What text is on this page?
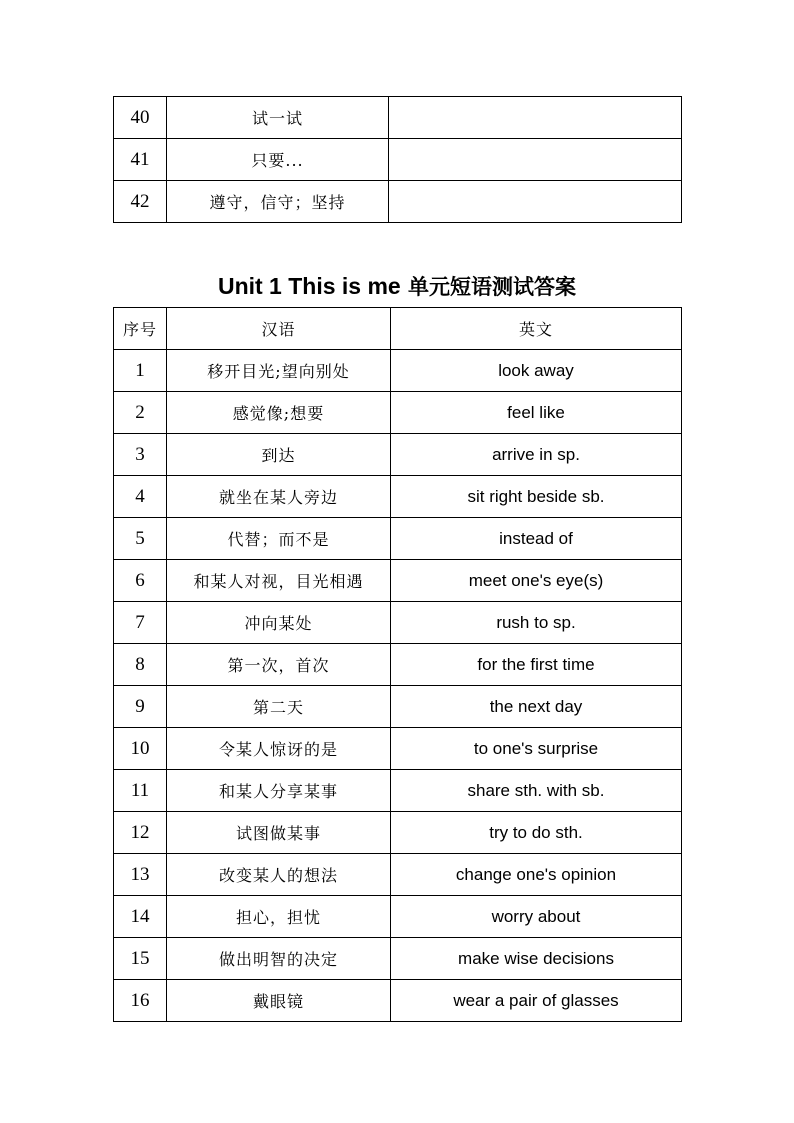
40	试一试	
41	只要...	
42	遵守，信守；坚持	
Unit 1 This is me 单元短语测试答案
序号	汉语	英文
1	移开目光;望向别处	look away
2	感觉像;想要	feel like
3	到达	arrive in sp.
4	就坐在某人旁边	sit right beside sb.
5	代替；而不是	instead of
6	和某人对视，目光相遇	meet one's eye(s)
7	冲向某处	rush to sp.
8	第一次，首次	for the first time
9	第二天	the next day
10	令某人惊讶的是	to one's surprise
11	和某人分享某事	share sth. with sb.
12	试图做某事	try to do sth.
13	改变某人的想法	change one's opinion
14	担心，担忧	worry about
15	做出明智的决定	make wise decisions
16	戴眼镜	wear a pair of glasses
